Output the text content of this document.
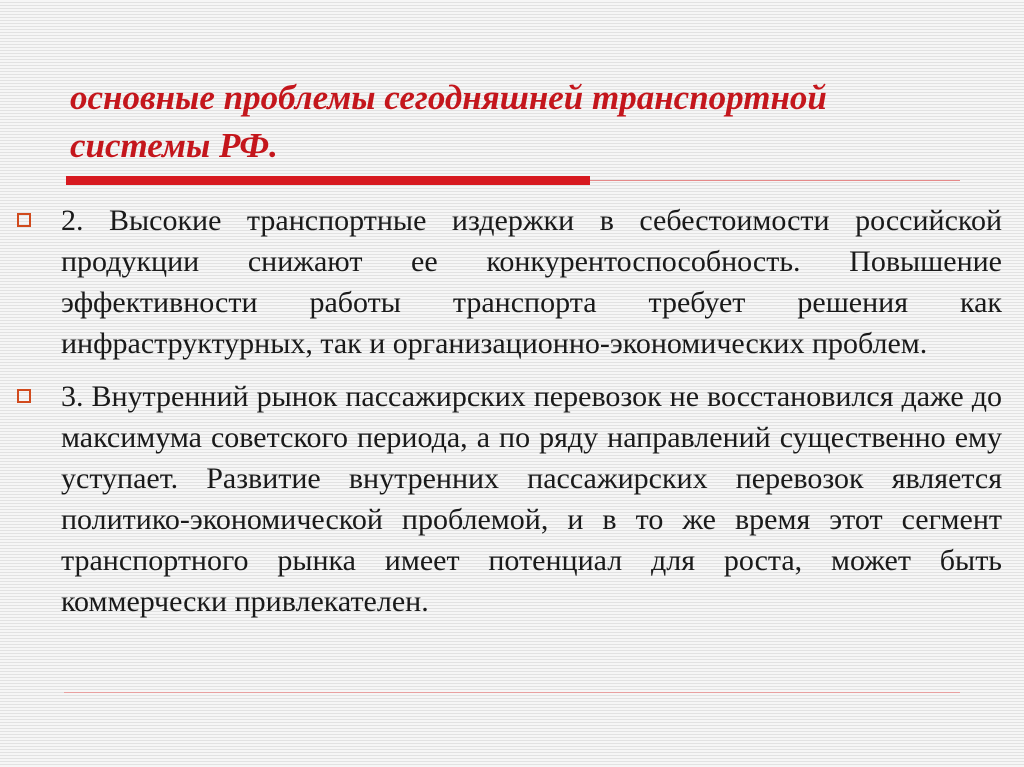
основные проблемы сегодняшней транспортной системы РФ.

2. Высокие транспортные издержки в себестоимости российской продукции снижают ее конкурентоспособность. Повышение эффективности работы транспорта требует решения как инфраструктурных, так и организационно-экономических проблем.

3. Внутренний рынок пассажирских перевозок не восстановился даже до максимума советского периода, а по ряду направлений существенно ему уступает. Развитие внутренних пассажирских перевозок является политико-экономической проблемой, и в то же время этот сегмент транспортного рынка имеет потенциал для роста, может быть коммерчески привлекателен.
